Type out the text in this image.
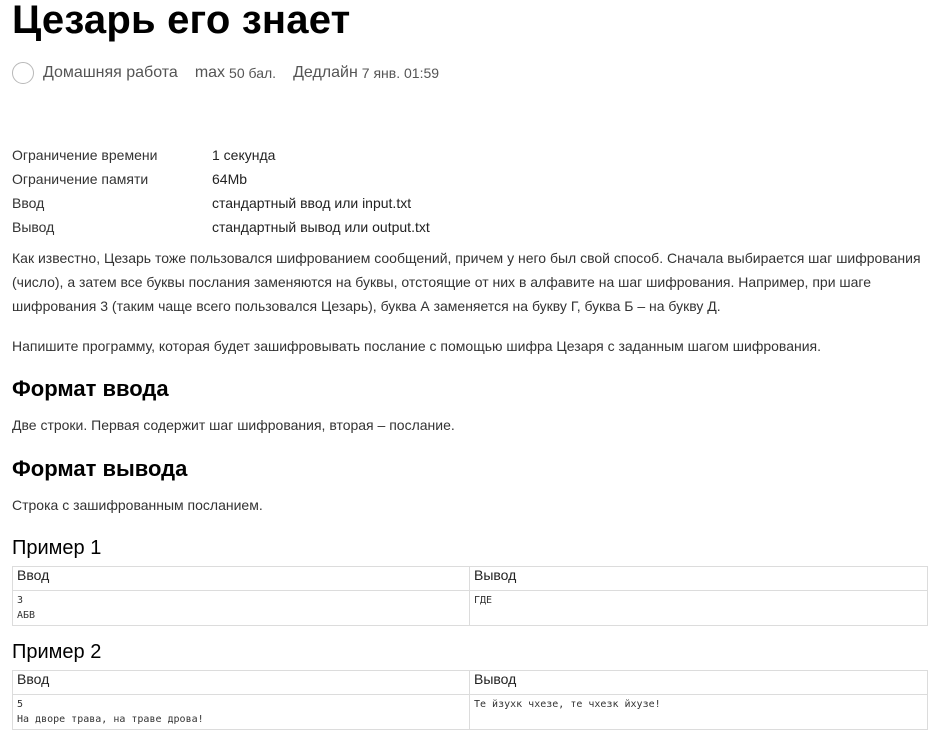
Цезарь его знает
Домашняя работа max 50 бал. Дедлайн 7 янв. 01:59
Ограничение времени	1 секунда
Ограничение памяти	64Mb
Ввод	стандартный ввод или input.txt
Вывод	стандартный вывод или output.txt

Как известно, Цезарь тоже пользовался шифрованием сообщений, причем у него был свой способ. Сначала выбирается шаг шифрования (число), а затем все буквы послания заменяются на буквы, отстоящие от них в алфавите на шаг шифрования. Например, при шаге шифрования 3 (таким чаще всего пользовался Цезарь), буква А заменяется на букву Г, буква Б – на букву Д.

Напишите программу, которая будет зашифровывать послание с помощью шифра Цезаря с заданным шагом шифрования.

Формат ввода

Две строки. Первая содержит шаг шифрования, вторая – послание.

Формат вывода

Строка с зашифрованным посланием.

Пример 1
Ввод	Вывод
3
АБВ	ГДЕ
Пример 2
Ввод	Вывод
5
На дворе трава, на траве дрова!	Те йзухк чхезе, те чхезк йхузе!
